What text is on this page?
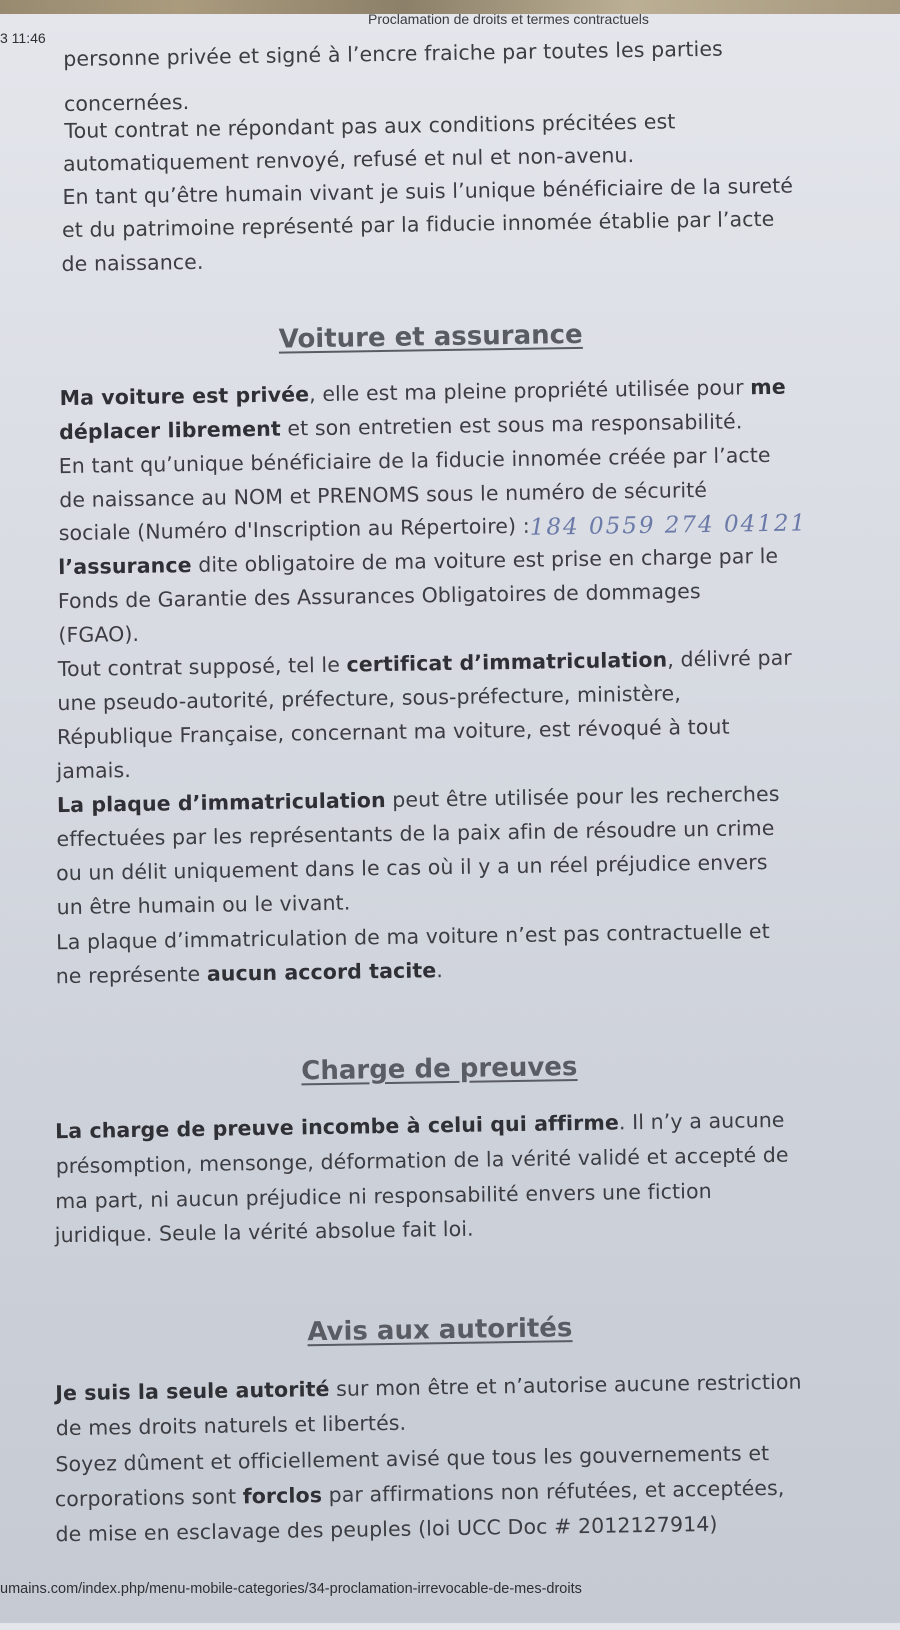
3 11:46
Proclamation de droits et termes contractuels
personne privée et signé à l’encre fraiche par toutes les parties
concernées.
Tout contrat ne répondant pas aux conditions précitées est
automatiquement renvoyé, refusé et nul et non-avenu.
En tant qu’être humain vivant je suis l’unique bénéficiaire de la sureté
et du patrimoine représenté par la fiducie innomée établie par l’acte
de naissance.
Voiture et assurance
Ma voiture est privée, elle est ma pleine propriété utilisée pour me
déplacer librement et son entretien est sous ma responsabilité.
En tant qu’unique bénéficiaire de la fiducie innomée créée par l’acte
de naissance au NOM et PRENOMS sous le numéro de sécurité
sociale (Numéro d'Inscription au Répertoire) :184 0559 274 04121
l’assurance dite obligatoire de ma voiture est prise en charge par le
Fonds de Garantie des Assurances Obligatoires de dommages
(FGAO).
Tout contrat supposé, tel le certificat d’immatriculation, délivré par
une pseudo-autorité, préfecture, sous-préfecture, ministère,
République Française, concernant ma voiture, est révoqué à tout
jamais.
La plaque d’immatriculation peut être utilisée pour les recherches
effectuées par les représentants de la paix afin de résoudre un crime
ou un délit uniquement dans le cas où il y a un réel préjudice envers
un être humain ou le vivant.
La plaque d’immatriculation de ma voiture n’est pas contractuelle et
ne représente aucun accord tacite.
Charge de preuves
La charge de preuve incombe à celui qui affirme. Il n’y a aucune
présomption, mensonge, déformation de la vérité validé et accepté de
ma part, ni aucun préjudice ni responsabilité envers une fiction
juridique. Seule la vérité absolue fait loi.
Avis aux autorités
Je suis la seule autorité sur mon être et n’autorise aucune restriction
de mes droits naturels et libertés.
Soyez dûment et officiellement avisé que tous les gouvernements et
corporations sont forclos par affirmations non réfutées, et acceptées,
de mise en esclavage des peuples (loi UCC Doc # 2012127914)
umains.com/index.php/menu-mobile-categories/34-proclamation-irrevocable-de-mes-droits
